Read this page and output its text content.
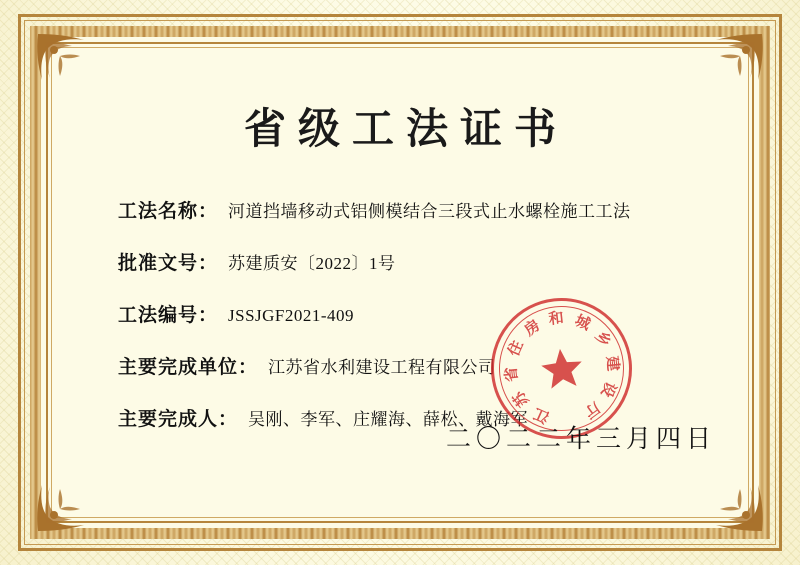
省级工法证书
工法名称： 河道挡墙移动式铝侧模结合三段式止水螺栓施工工法
批准文号： 苏建质安〔2022〕1号
工法编号： JSSJGF2021-409
主要完成单位： 江苏省水利建设工程有限公司
主要完成人： 吴刚、李军、庄耀海、薛松、戴海军 江
苏
省
住
房 和 城
乡
建
设
厅
二〇二二年三月四日
